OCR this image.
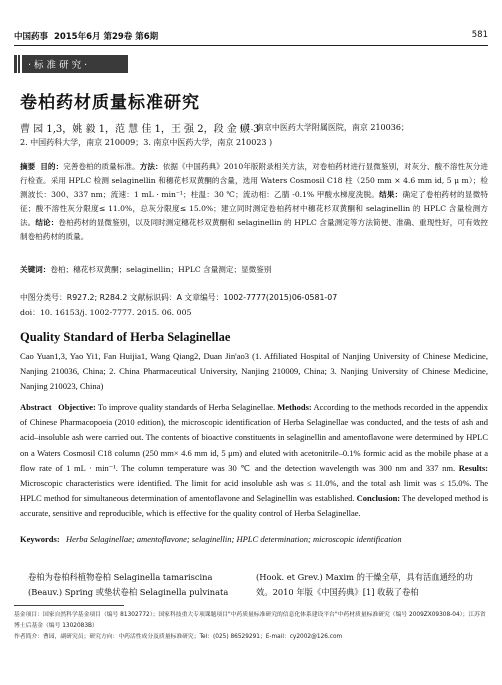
中国药事 2015年6月 第29卷 第6期	581
· 标 准 研 究 ·
卷柏药材质量标准研究
曹 园 1,3，姚 毅 1，范 慧 佳 1，王 强 2，段 金 廒 3
( 1. 南京中医药大学附属医院，南京 210036；
2. 中国药科大学，南京 210009；3. 南京中医药大学，南京 210023 )
摘要 目的：完善卷柏的质量标准。方法：依据《中国药典》2010年版附录相关方法，对卷柏药材进行显微鉴别，对灰分、酸不溶性灰分进行检查。采用 HPLC 检测 selaginellin 和穗花杉双黄酮的含量，选用 Waters Cosmosil C18 柱（250 mm × 4.6 mm id, 5 μ m）；检测波长：300、337 nm；流速：1 mL · min⁻¹；柱温：30 ℃；流动相：乙腈 -0.1% 甲酸水梯度洗脱。结果：确定了卷柏药材的显微特征；酸不溶性灰分限度≤ 11.0%，总灰分限度≤ 15.0%；建立同时测定卷柏药材中穗花杉双黄酮和 selaginellin 的 HPLC 含量检测方法。结论：卷柏药材的显微鉴别，以及同时测定穗花杉双黄酮和 selaginellin 的 HPLC 含量测定等方法简便、准确、重现性好，可有效控制卷柏药材的质量。
关键词：卷柏；穗花杉双黄酮；selaginellin；HPLC 含量测定；显微鉴别
中图分类号：R927.2; R284.2 文献标识码：A 文章编号：1002-7777(2015)06-0581-07
doi：10. 16153/j. 1002-7777. 2015. 06. 005
Quality Standard of Herba Selaginellae
Cao Yuan1,3, Yao Yi1, Fan Huijia1, Wang Qiang2, Duan Jin'ao3 (1. Affiliated Hospital of Nanjing University of Chinese Medicine, Nanjing 210036, China; 2. China Pharmaceutical University, Nanjing 210009, China; 3. Nanjing University of Chinese Medicine, Nanjing 210023, China)
Abstract Objective: To improve quality standards of Herba Selaginellae. Methods: According to the methods recorded in the appendix of Chinese Pharmacopoeia (2010 edition), the microscopic identification of Herba Selaginellae was conducted, and the tests of ash and acid–insoluble ash were carried out. The contents of bioactive constituents in selaginellin and amentoflavone were determined by HPLC on a Waters Cosmosil C18 column (250 mm× 4.6 mm id, 5 μm) and eluted with acetonitrile–0.1% formic acid as the mobile phase at a flow rate of 1 mL · min⁻¹. The column temperature was 30 ℃ and the detection wavelength was 300 nm and 337 nm. Results: Microscopic characteristics were identified. The limit for acid insoluble ash was ≤ 11.0%, and the total ash limit was ≤ 15.0%. The HPLC method for simultaneous determination of amentoflavone and Selaginellin was established. Conclusion: The developed method is accurate, sensitive and reproducible, which is effective for the quality control of Herba Selaginellae.
Keywords: Herba Selaginellae; amentoflavone; selaginellin; HPLC determination; microscopic identification
卷柏为卷柏科植物卷柏 Selaginella tamariscina (Beauv.) Spring 或垫状卷柏 Selaginella pulvinata
(Hook. et Grev.) Maxim 的干燥全草，具有活血通经的功效。2010 年版《中国药典》[1] 收载了卷柏
基金项目：国家自然科学基金项目（编号 81302772）；国家科技重大专项课题项目"中药质量标准研究的信息化体系建设平台"中药材质量标准研究（编号 2009ZX09308-04）；江苏省博士后基金（编号 1302083B）
作者简介：曹园，副研究员；研究方向：中药活性成分及质量标准研究；Tel：(025) 86529291；E-mail：cy2002@126.com
